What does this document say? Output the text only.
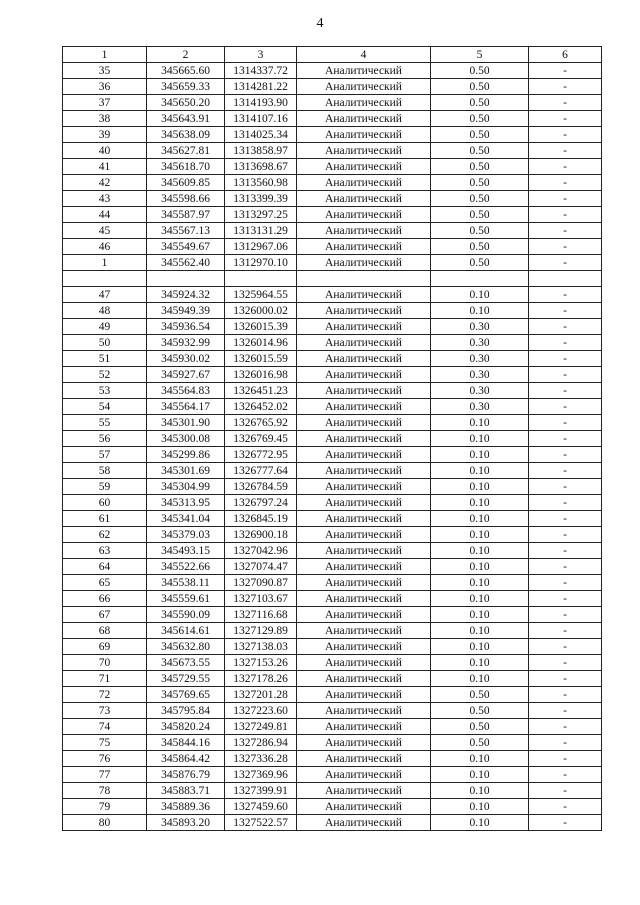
4
1	2	3	4	5	6
35	345665.60	1314337.72	Аналитический	0.50	-
36	345659.33	1314281.22	Аналитический	0.50	-
37	345650.20	1314193.90	Аналитический	0.50	-
38	345643.91	1314107.16	Аналитический	0.50	-
39	345638.09	1314025.34	Аналитический	0.50	-
40	345627.81	1313858.97	Аналитический	0.50	-
41	345618.70	1313698.67	Аналитический	0.50	-
42	345609.85	1313560.98	Аналитический	0.50	-
43	345598.66	1313399.39	Аналитический	0.50	-
44	345587.97	1313297.25	Аналитический	0.50	-
45	345567.13	1313131.29	Аналитический	0.50	-
46	345549.67	1312967.06	Аналитический	0.50	-
1	345562.40	1312970.10	Аналитический	0.50	-

47	345924.32	1325964.55	Аналитический	0.10	-
48	345949.39	1326000.02	Аналитический	0.10	-
49	345936.54	1326015.39	Аналитический	0.30	-
50	345932.99	1326014.96	Аналитический	0.30	-
51	345930.02	1326015.59	Аналитический	0.30	-
52	345927.67	1326016.98	Аналитический	0.30	-
53	345564.83	1326451.23	Аналитический	0.30	-
54	345564.17	1326452.02	Аналитический	0.30	-
55	345301.90	1326765.92	Аналитический	0.10	-
56	345300.08	1326769.45	Аналитический	0.10	-
57	345299.86	1326772.95	Аналитический	0.10	-
58	345301.69	1326777.64	Аналитический	0.10	-
59	345304.99	1326784.59	Аналитический	0.10	-
60	345313.95	1326797.24	Аналитический	0.10	-
61	345341.04	1326845.19	Аналитический	0.10	-
62	345379.03	1326900.18	Аналитический	0.10	-
63	345493.15	1327042.96	Аналитический	0.10	-
64	345522.66	1327074.47	Аналитический	0.10	-
65	345538.11	1327090.87	Аналитический	0.10	-
66	345559.61	1327103.67	Аналитический	0.10	-
67	345590.09	1327116.68	Аналитический	0.10	-
68	345614.61	1327129.89	Аналитический	0.10	-
69	345632.80	1327138.03	Аналитический	0.10	-
70	345673.55	1327153.26	Аналитический	0.10	-
71	345729.55	1327178.26	Аналитический	0.10	-
72	345769.65	1327201.28	Аналитический	0.50	-
73	345795.84	1327223.60	Аналитический	0.50	-
74	345820.24	1327249.81	Аналитический	0.50	-
75	345844.16	1327286.94	Аналитический	0.50	-
76	345864.42	1327336.28	Аналитический	0.10	-
77	345876.79	1327369.96	Аналитический	0.10	-
78	345883.71	1327399.91	Аналитический	0.10	-
79	345889.36	1327459.60	Аналитический	0.10	-
80	345893.20	1327522.57	Аналитический	0.10	-
